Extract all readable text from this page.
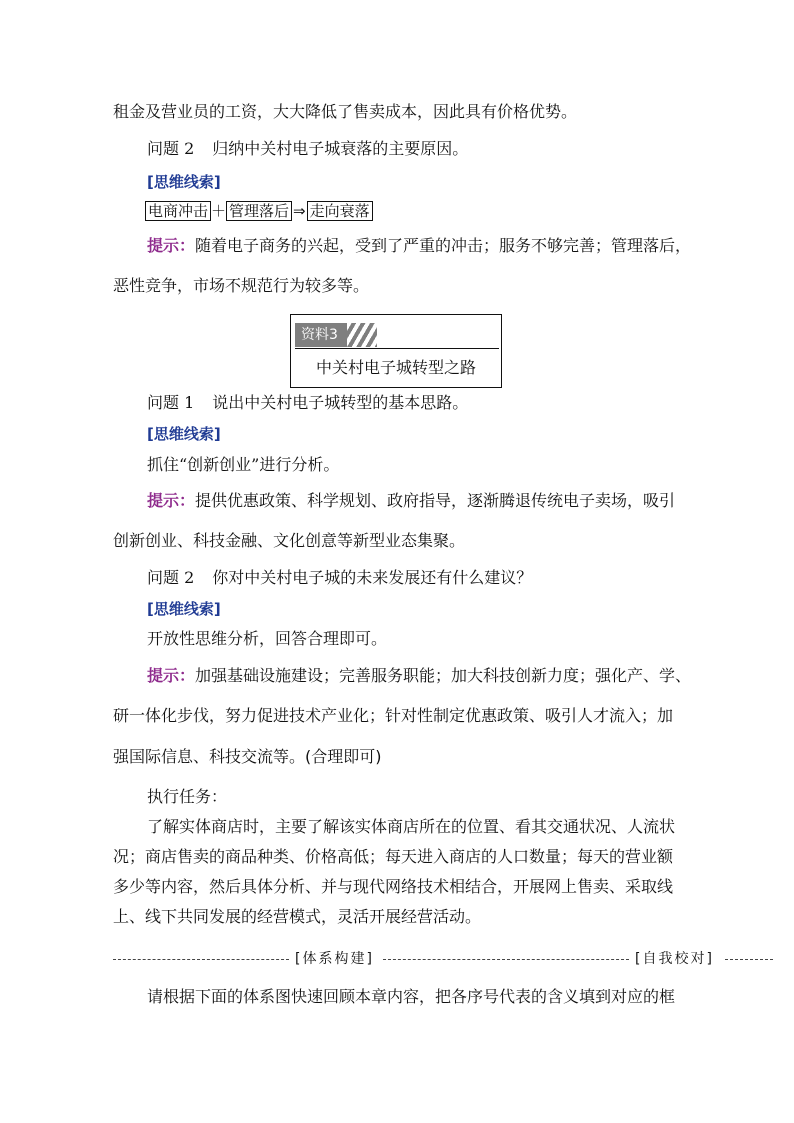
租金及营业员的工资，大大降低了售卖成本，因此具有价格优势。
问题 2 归纳中关村电子城衰落的主要原因。
[思维线索]
电商冲击 ＋ 管理落后 ⇒ 走向衰落
提示：随着电子商务的兴起，受到了严重的冲击；服务不够完善；管理落后，
恶性竞争，市场不规范行为较多等。
资料3
中关村电子城转型之路
问题 1 说出中关村电子城转型的基本思路。
[思维线索]
抓住“创新创业”进行分析。
提示：提供优惠政策、科学规划、政府指导，逐渐腾退传统电子卖场，吸引
创新创业、科技金融、文化创意等新型业态集聚。
问题 2 你对中关村电子城的未来发展还有什么建议？
[思维线索]
开放性思维分析，回答合理即可。
提示：加强基础设施建设；完善服务职能；加大科技创新力度；强化产、学、
研一体化步伐，努力促进技术产业化；针对性制定优惠政策、吸引人才流入；加
强国际信息、科技交流等。(合理即可)
执行任务：
了解实体商店时，主要了解该实体商店所在的位置、看其交通状况、人流状
况；商店售卖的商品种类、价格高低；每天进入商店的人口数量；每天的营业额
多少等内容，然后具体分析、并与现代网络技术相结合，开展网上售卖、采取线
上、线下共同发展的经营模式，灵活开展经营活动。
[体系构建]	[自我校对]
请根据下面的体系图快速回顾本章内容，把各序号代表的含义填到对应的框
